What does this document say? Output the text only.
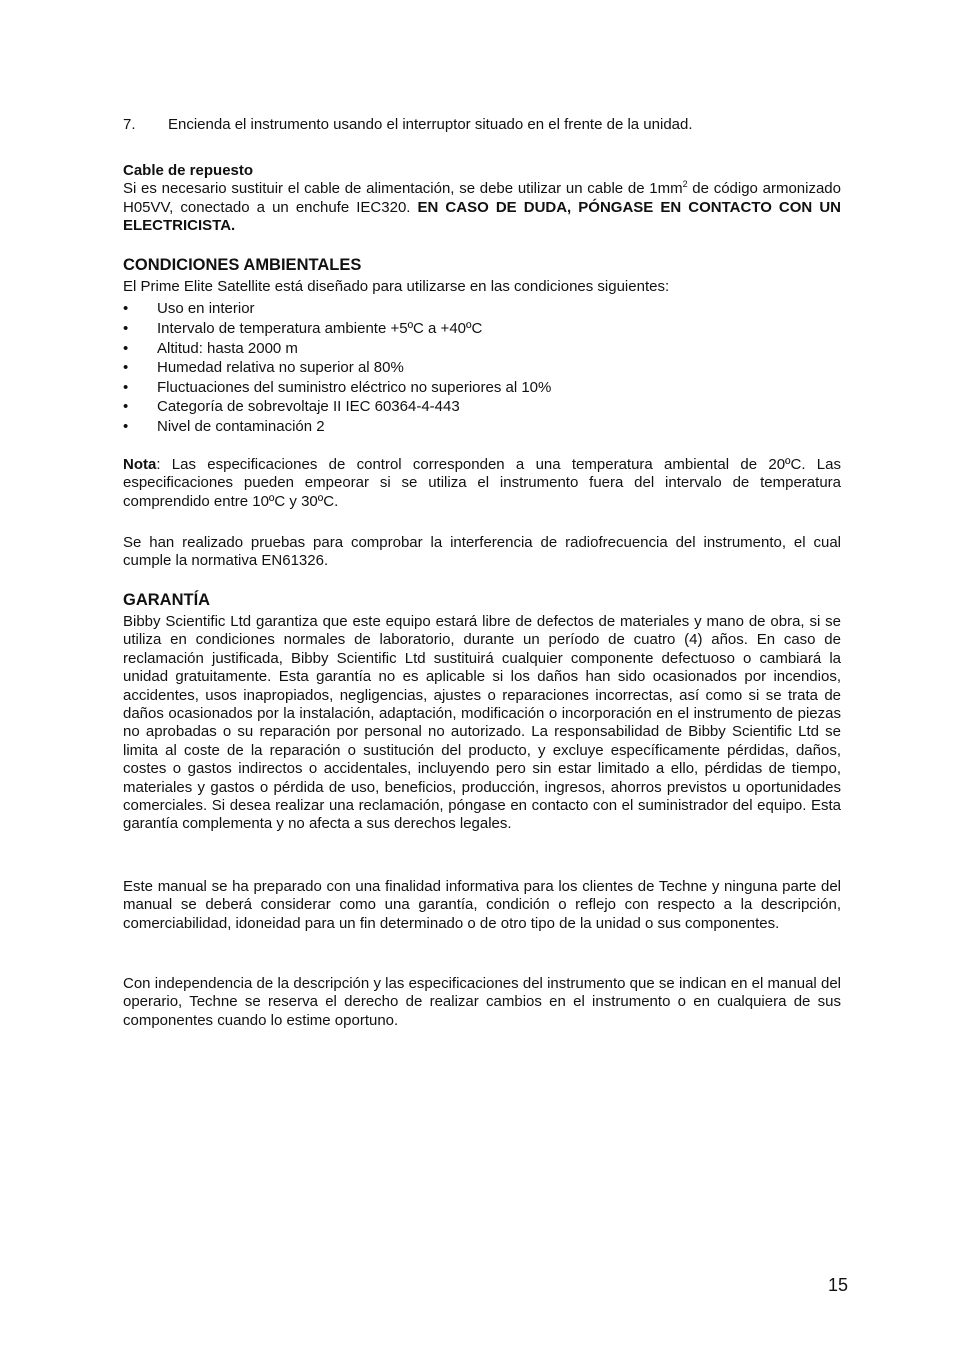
7. Encienda el instrumento usando el interruptor situado en el frente de la unidad.
Cable de repuesto
Si es necesario sustituir el cable de alimentación, se debe utilizar un cable de $1mm^2$ de código armonizado H05VV, conectado a un enchufe IEC320. EN CASO DE DUDA, PÓNGASE EN CONTACTO CON UN ELECTRICISTA.
CONDICIONES AMBIENTALES
El Prime Elite Satellite está diseñado para utilizarse en las condiciones siguientes:
• Uso en interior
• Intervalo de temperatura ambiente +5ºC a +40ºC
• Altitud: hasta 2000 m
• Humedad relativa no superior al 80%
• Fluctuaciones del suministro eléctrico no superiores al 10%
• Categoría de sobrevoltaje II IEC 60364-4-443
• Nivel de contaminación 2
Nota: Las especificaciones de control corresponden a una temperatura ambiental de 20ºC. Las especificaciones pueden empeorar si se utiliza el instrumento fuera del intervalo de temperatura comprendido entre 10ºC y 30ºC.
Se han realizado pruebas para comprobar la interferencia de radiofrecuencia del instrumento, el cual cumple la normativa EN61326.
GARANTÍA
Bibby Scientific Ltd garantiza que este equipo estará libre de defectos de materiales y mano de obra, si se utiliza en condiciones normales de laboratorio, durante un período de cuatro (4) años. En caso de reclamación justificada, Bibby Scientific Ltd sustituirá cualquier componente defectuoso o cambiará la unidad gratuitamente. Esta garantía no es aplicable si los daños han sido ocasionados por incendios, accidentes, usos inapropiados, negligencias, ajustes o reparaciones incorrectas, así como si se trata de daños ocasionados por la instalación, adaptación, modificación o incorporación en el instrumento de piezas no aprobadas o su reparación por personal no autorizado. La responsabilidad de Bibby Scientific Ltd se limita al coste de la reparación o sustitución del producto, y excluye específicamente pérdidas, daños, costes o gastos indirectos o accidentales, incluyendo pero sin estar limitado a ello, pérdidas de tiempo, materiales y gastos o pérdida de uso, beneficios, producción, ingresos, ahorros previstos u oportunidades comerciales. Si desea realizar una reclamación, póngase en contacto con el suministrador del equipo. Esta garantía complementa y no afecta a sus derechos legales.
Este manual se ha preparado con una finalidad informativa para los clientes de Techne y ninguna parte del manual se deberá considerar como una garantía, condición o reflejo con respecto a la descripción, comerciabilidad, idoneidad para un fin determinado o de otro tipo de la unidad o sus componentes.
Con independencia de la descripción y las especificaciones del instrumento que se indican en el manual del operario, Techne se reserva el derecho de realizar cambios en el instrumento o en cualquiera de sus componentes cuando lo estime oportuno.
15
